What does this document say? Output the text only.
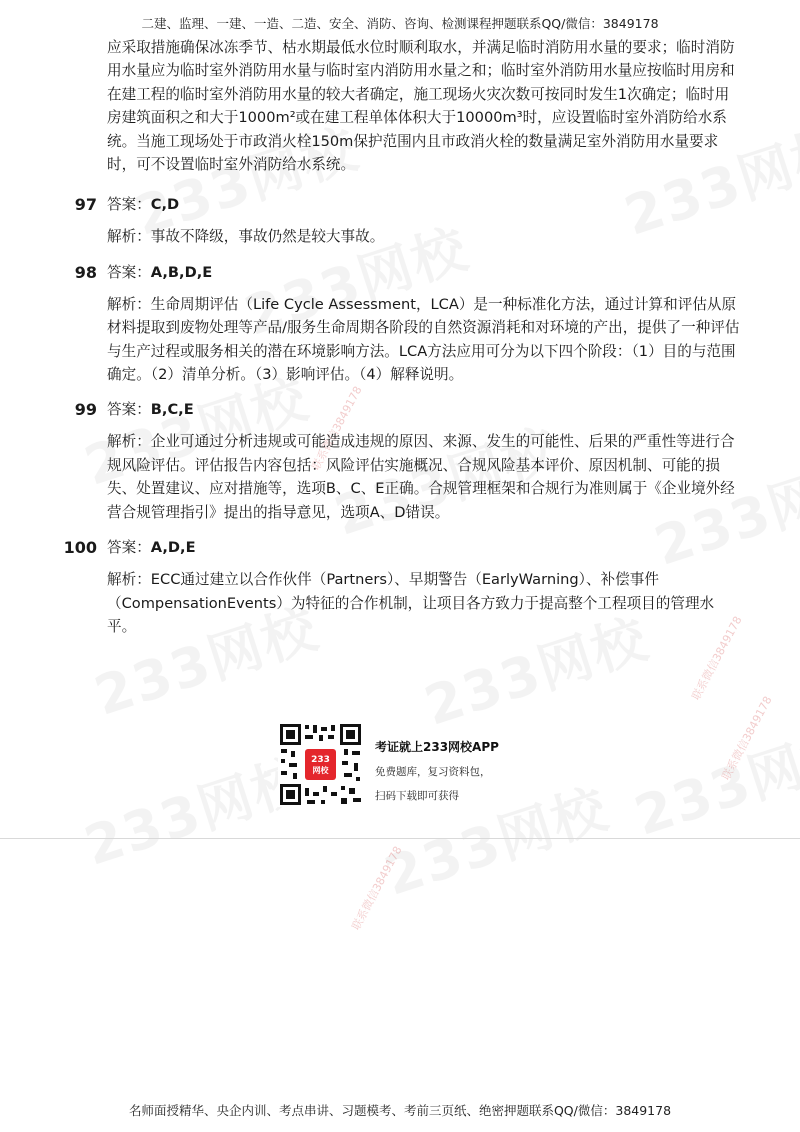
联系微信3849178
联系微信3849178
联系微信3849178
联系微信3849178
二建、监理、一建、一造、二造、安全、消防、咨询、检测课程押题联系QQ/微信：3849178

应采取措施确保冰冻季节、枯水期最低水位时顺利取水，并满足临时消防用水量的要求；临时消防用水量应为临时室外消防用水量与临时室内消防用水量之和；临时室外消防用水量应按临时用房和在建工程的临时室外消防用水量的较大者确定，施工现场火灾次数可按同时发生1次确定；临时用房建筑面积之和大于1000m²或在建工程单体体积大于10000m³时，应设置临时室外消防给水系统。当施工现场处于市政消火栓150m保护范围内且市政消火栓的数量满足室外消防用水量要求时，可不设置临时室外消防给水系统。

97 答案：C,D

解析：事故不降级，事故仍然是较大事故。

98 答案：A,B,D,E

解析：生命周期评估（Life Cycle Assessment，LCA）是一种标准化方法，通过计算和评估从原材料提取到废物处理等产品/服务生命周期各阶段的自然资源消耗和对环境的产出，提供了一种评估与生产过程或服务相关的潜在环境影响方法。LCA方法应用可分为以下四个阶段：（1）目的与范围确定。（2）清单分析。（3）影响评估。（4）解释说明。

99 答案：B,C,E

解析：企业可通过分析违规或可能造成违规的原因、来源、发生的可能性、后果的严重性等进行合规风险评估。评估报告内容包括：风险评估实施概况、合规风险基本评价、原因机制、可能的损失、处置建议、应对措施等，选项B、C、E正确。合规管理框架和合规行为准则属于《企业境外经营合规管理指引》提出的指导意见，选项A、D错误。

100 答案：A,D,E

解析：ECC通过建立以合作伙伴（Partners）、早期警告（EarlyWarning）、补偿事件（CompensationEvents）为特征的合作机制，让项目各方致力于提高整个工程项目的管理水平。

233
网校
考证就上233网校APP
免费题库，复习资料包，
扫码下载即可获得
名师面授精华、央企内训、考点串讲、习题模考、考前三页纸、绝密押题联系QQ/微信：3849178
